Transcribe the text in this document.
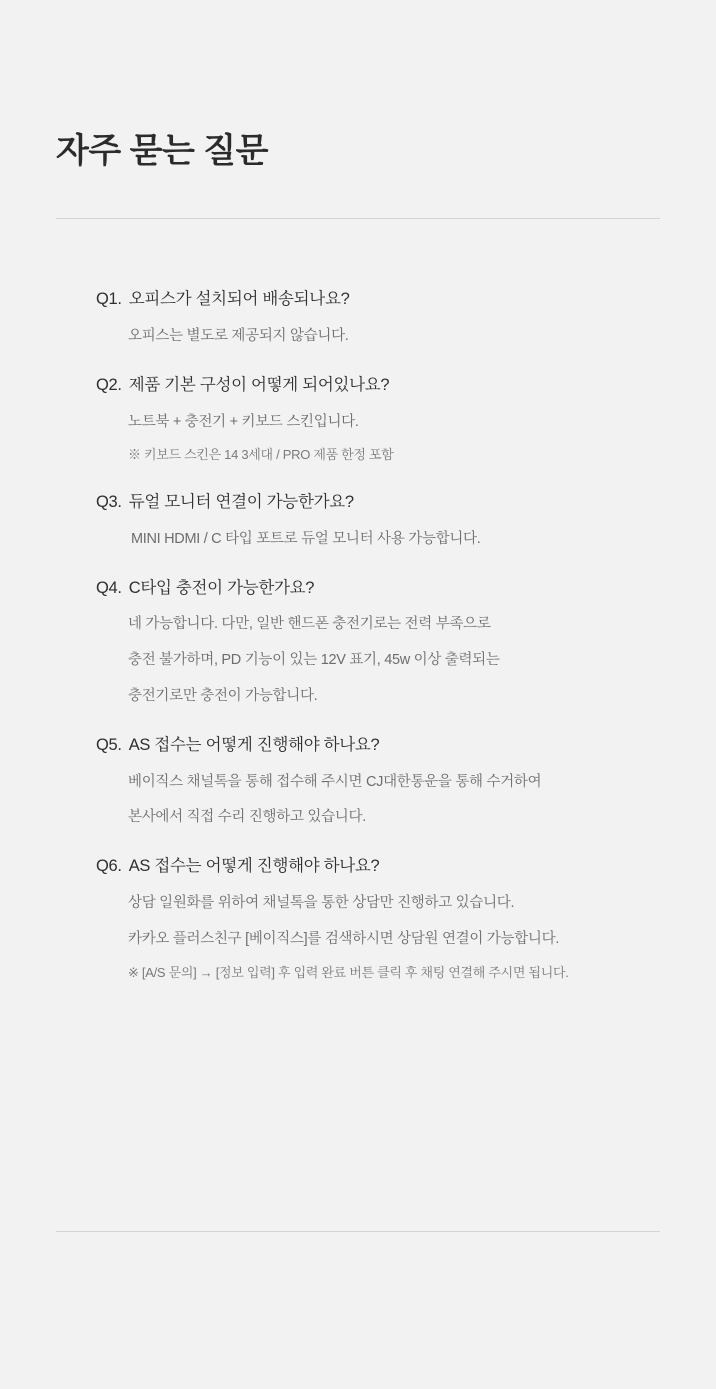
자주 묻는 질문
Q1. 오피스가 설치되어 배송되나요?
오피스는 별도로 제공되지 않습니다.
Q2. 제품 기본 구성이 어떻게 되어있나요?
노트북 + 충전기 + 키보드 스킨입니다.
※ 키보드 스킨은 14 3세대 / PRO 제품 한정 포함
Q3. 듀얼 모니터 연결이 가능한가요?
MINI HDMI / C 타입 포트로 듀얼 모니터 사용 가능합니다.
Q4. C타입 충전이 가능한가요?
네 가능합니다. 다만, 일반 핸드폰 충전기로는 전력 부족으로
충전 불가하며, PD 기능이 있는 12V 표기, 45w 이상 출력되는
충전기로만 충전이 가능합니다.
Q5. AS 접수는 어떻게 진행해야 하나요?
베이직스 채널톡을 통해 접수해 주시면 CJ대한통운을 통해 수거하여
본사에서 직접 수리 진행하고 있습니다.
Q6. AS 접수는 어떻게 진행해야 하나요?
상담 일원화를 위하여 채널톡을 통한 상담만 진행하고 있습니다.
카카오 플러스친구 [베이직스]를 검색하시면 상담원 연결이 가능합니다.
※ [A/S 문의] → [정보 입력] 후 입력 완료 버튼 클릭 후 채팅 연결해 주시면 됩니다.
